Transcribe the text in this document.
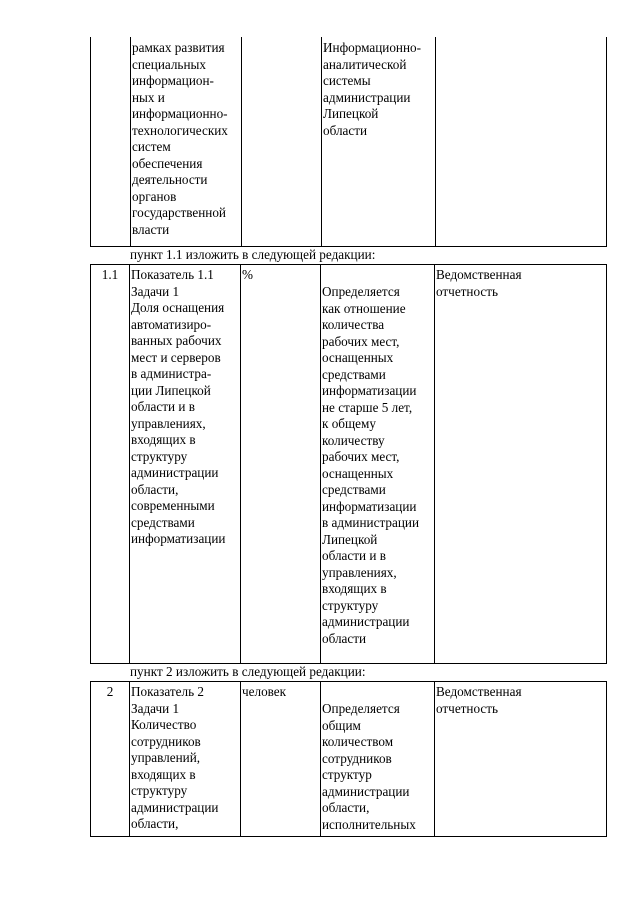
рамках развития
специальных
информацион-
ных и
информационно-
технологических
систем
обеспечения
деятельности
органов
государственной
власти
Информационно-
аналитической
системы
администрации
Липецкой
области
пункт 1.1 изложить в следующей редакции:
1.1 Показатель 1.1
Задачи 1
Доля оснащения
автоматизиро-
ванных рабочих
мест и серверов
в администра-
ции Липецкой
области и в
управлениях,
входящих в
структуру
администрации
области,
современными
средствами
информатизации
%
Определяется
как отношение
количества
рабочих мест,
оснащенных
средствами
информатизации
не старше 5 лет,
к общему
количеству
рабочих мест,
оснащенных
средствами
информатизации
в администрации
Липецкой
области и в
управлениях,
входящих в
структуру
администрации
области
Ведомственная
отчетность
пункт 2 изложить в следующей редакции:
2	Показатель 2
Задачи 1
Количество
сотрудников
управлений,
входящих в
структуру
администрации
области,
человек
Определяется
общим
количеством
сотрудников
структур
администрации
области,
исполнительных
Ведомственная
отчетность
